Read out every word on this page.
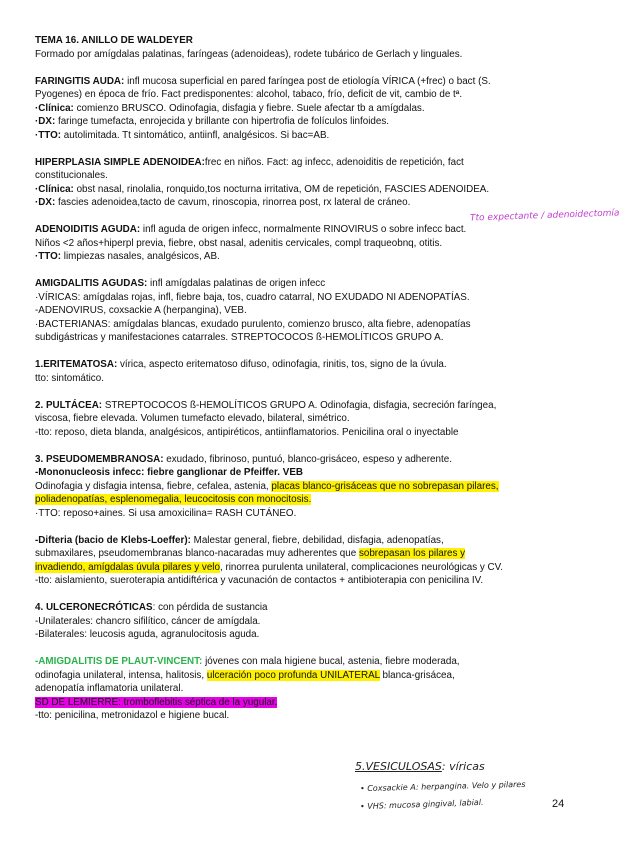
TEMA 16. ANILLO DE WALDEYER
Formado por amígdalas palatinas, faríngeas (adenoideas), rodete tubárico de Gerlach y linguales.
FARINGITIS AUDA: infl mucosa superficial en pared faríngea post de etiología VÍRICA (+frec) o bact (S.
Pyogenes) en época de frío. Fact predisponentes: alcohol, tabaco, frío, deficit de vit, cambio de tª.
·Clínica: comienzo BRUSCO. Odinofagia, disfagia y fiebre. Suele afectar tb a amígdalas.
·DX: faringe tumefacta, enrojecida y brillante con hipertrofia de folículos linfoides.
·TTO: autolimitada. Tt sintomático, antiinfl, analgésicos. Si bac=AB.
HIPERPLASIA SIMPLE ADENOIDEA:frec en niños. Fact: ag infecc, adenoiditis de repetición, fact
constitucionales.
·Clínica: obst nasal, rinolalia, ronquido,tos nocturna irritativa, OM de repetición, FASCIES ADENOIDEA.
·DX: fascies adenoidea,tacto de cavum, rinoscopia, rinorrea post, rx lateral de cráneo.
ADENOIDITIS AGUDA: infl aguda de origen infecc, normalmente RINOVIRUS o sobre infecc bact.
Niños <2 años+hiperpl previa, fiebre, obst nasal, adenitis cervicales, compl traqueobnq, otitis.
·TTO: limpiezas nasales, analgésicos, AB.
AMIGDALITIS AGUDAS: infl amígdalas palatinas de origen infecc
·VÍRICAS: amígdalas rojas, infl, fiebre baja, tos, cuadro catarral, NO EXUDADO NI ADENOPATÍAS.
-ADENOVIRUS, coxsackie A (herpangina), VEB.
·BACTERIANAS: amígdalas blancas, exudado purulento, comienzo brusco, alta fiebre, adenopatías
subdigástricas y manifestaciones catarrales. STREPTOCOCOS ß-HEMOLÍTICOS GRUPO A.
1.ERITEMATOSA: vírica, aspecto eritematoso difuso, odinofagia, rinitis, tos, signo de la úvula.
tto: sintomático.
2. PULTÁCEA: STREPTOCOCOS ß-HEMOLÍTICOS GRUPO A. Odinofagia, disfagia, secreción faríngea,
viscosa, fiebre elevada. Volumen tumefacto elevado, bilateral, simétrico.
-tto: reposo, dieta blanda, analgésicos, antipiréticos, antiinflamatorios. Penicilina oral o inyectable
3. PSEUDOMEMBRANOSA: exudado, fibrinoso, puntuó, blanco-grisáceo, espeso y adherente.
-Mononucleosis infecc: fiebre ganglionar de Pfeiffer. VEB
Odinofagia y disfagia intensa, fiebre, cefalea, astenia, placas blanco-grisáceas que no sobrepasan pilares,
poliadenopatías, esplenomegalia, leucocitosis con monocitosis.
·TTO: reposo+aines. Si usa amoxicilina= RASH CUTÁNEO.
-Difteria (bacio de Klebs-Loeffer): Malestar general, fiebre, debilidad, disfagia, adenopatías,
submaxilares, pseudomembranas blanco-nacaradas muy adherentes que sobrepasan los pilares y
invadiendo, amígdalas úvula pilares y velo, rinorrea purulenta unilateral, complicaciones neurológicas y CV.
-tto: aislamiento, sueroterapia antidiftérica y vacunación de contactos + antibioterapia con penicilina IV.
4. ULCERONECRÓTICAS: con pérdida de sustancia
-Unilaterales: chancro sifilítico, cáncer de amígdala.
-Bilaterales: leucosis aguda, agranulocitosis aguda.
-AMIGDALITIS DE PLAUT-VINCENT: jóvenes con mala higiene bucal, astenia, fiebre moderada,
odinofagia unilateral, intensa, halitosis, ulceración poco profunda UNILATERAL blanca-grisácea,
adenopatía inflamatoria unilateral.
SD DE LEMIERRE: tromboflebitis séptica de la yugular.
-tto: penicilina, metronidazol e higiene bucal.
Tto expectante / adenoidectomía
5.VESICULOSAS: víricas
• Coxsackie A: herpangina. Velo y pilares
• VHS: mucosa gingival, labial.	24
